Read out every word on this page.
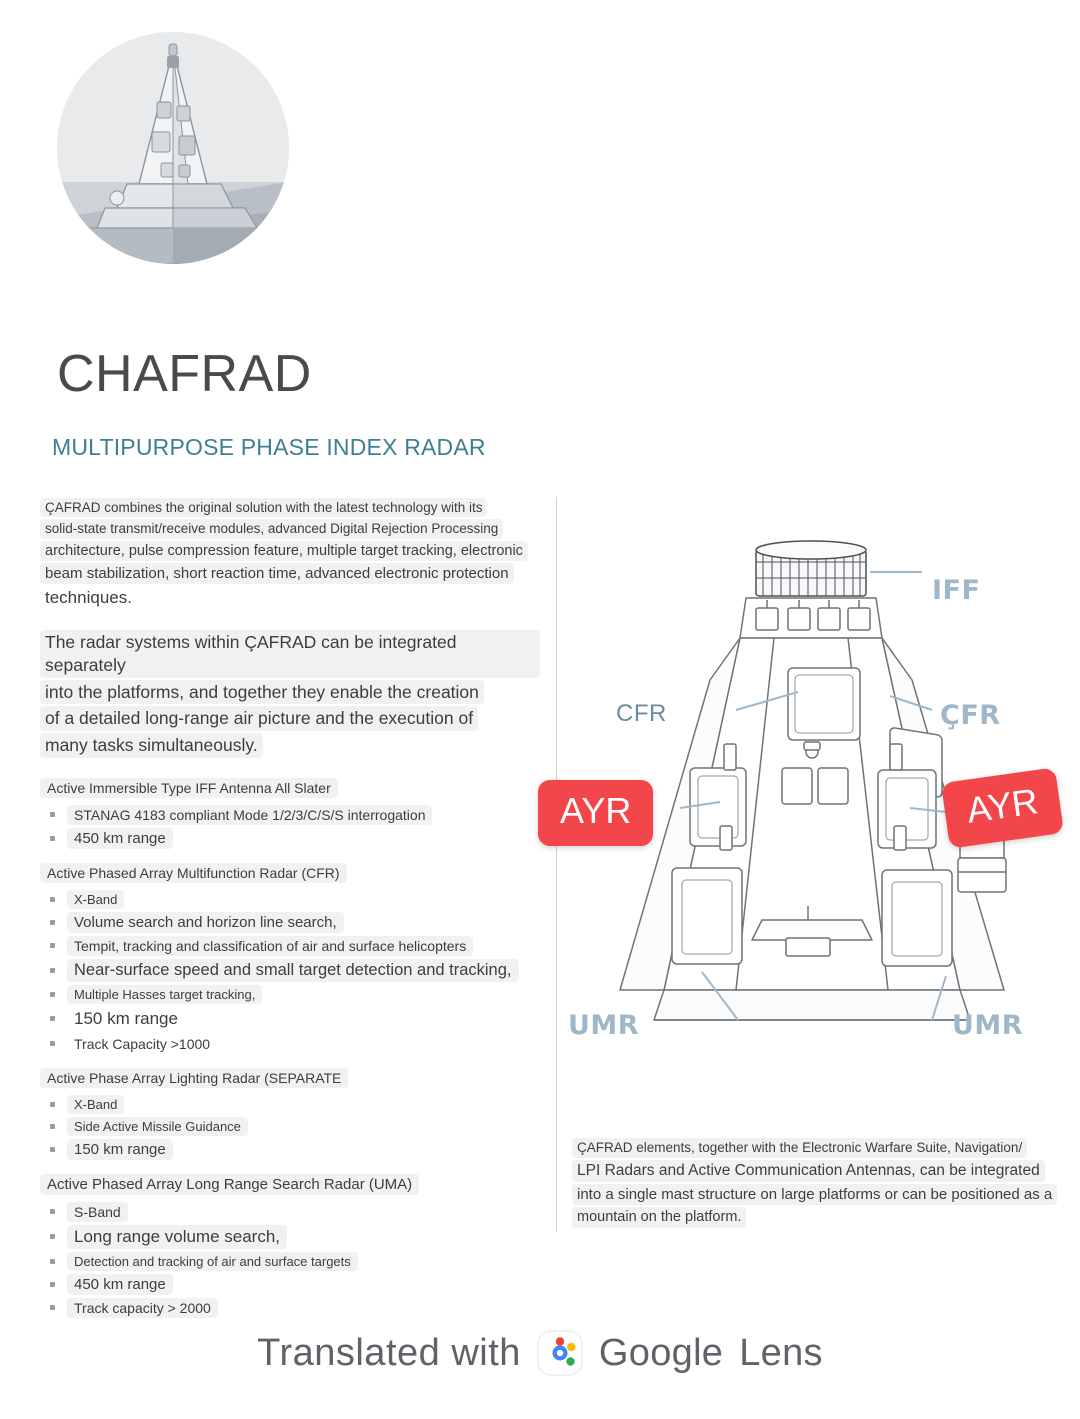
CHAFRAD
MULTIPURPOSE PHASE INDEX RADAR
ÇAFRAD combines the original solution with the latest technology with its
solid-state transmit/receive modules, advanced Digital Rejection Processing
architecture, pulse compression feature, multiple target tracking, electronic
beam stabilization, short reaction time, advanced electronic protection
techniques.
The radar systems within ÇAFRAD can be integrated separately
into the platforms, and together they enable the creation
of a detailed long-range air picture and the execution of
many tasks simultaneously.
Active Immersible Type IFF Antenna All Slater
STANAG 4183 compliant Mode 1/2/3/C/S/S interrogation
450 km range
Active Phased Array Multifunction Radar (CFR)
X-Band
Volume search and horizon line search,
Tempit, tracking and classification of air and surface helicopters
Near-surface speed and small target detection and tracking,
Multiple Hasses target tracking,
150 km range
Track Capacity >1000
Active Phase Array Lighting Radar (SEPARATE
X-Band
Side Active Missile Guidance
150 km range
Active Phased Array Long Range Search Radar (UMA)
S-Band
Long range volume search,
Detection and tracking of air and surface targets
450 km range
Track capacity > 2000
IFF
CFR	ÇFR
UMR	UMR
AYR	AYR
ÇAFRAD elements, together with the Electronic Warfare Suite, Navigation/
LPI Radars and Active Communication Antennas, can be integrated
into a single mast structure on large platforms or can be positioned as a
mountain on the platform.
Translated with Google Lens
